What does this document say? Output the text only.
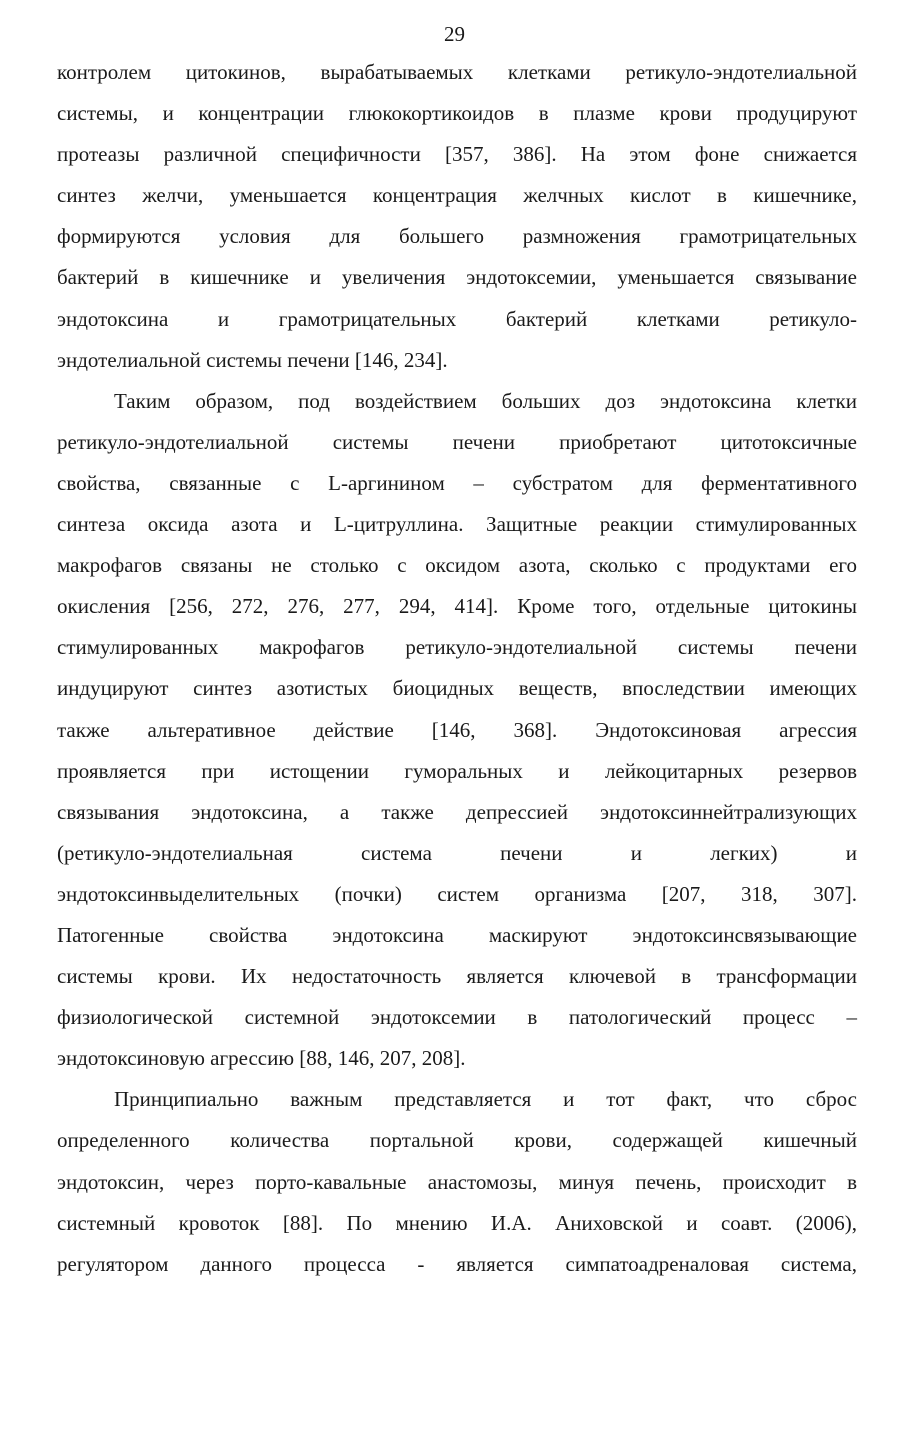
29
контролем цитокинов, вырабатываемых клетками ретикуло-эндотелиальной
системы, и концентрации глюкокортикоидов в плазме крови продуцируют
протеазы различной специфичности [357, 386]. На этом фоне снижается
синтез желчи, уменьшается концентрация желчных кислот в кишечнике,
формируются условия для большего размножения грамотрицательных
бактерий в кишечнике и увеличения эндотоксемии, уменьшается связывание
эндотоксина и грамотрицательных бактерий клетками ретикуло-
эндотелиальной системы печени [146, 234].
Таким образом, под воздействием больших доз эндотоксина клетки
ретикуло-эндотелиальной системы печени приобретают цитотоксичные
свойства, связанные с L-аргинином – субстратом для ферментативного
синтеза оксида азота и L-цитруллина. Защитные реакции стимулированных
макрофагов связаны не столько с оксидом азота, сколько с продуктами его
окисления [256, 272, 276, 277, 294, 414]. Кроме того, отдельные цитокины
стимулированных макрофагов ретикуло-эндотелиальной системы печени
индуцируют синтез азотистых биоцидных веществ, впоследствии имеющих
также альтеративное действие [146, 368]. Эндотоксиновая агрессия
проявляется при истощении гуморальных и лейкоцитарных резервов
связывания эндотоксина, а также депрессией эндотоксиннейтрализующих
(ретикуло-эндотелиальная система печени и легких) и
эндотоксинвыделительных (почки) систем организма [207, 318, 307].
Патогенные свойства эндотоксина маскируют эндотоксинсвязывающие
системы крови. Их недостаточность является ключевой в трансформации
физиологической системной эндотоксемии в патологический процесс –
эндотоксиновую агрессию [88, 146, 207, 208].
Принципиально важным представляется и тот факт, что сброс
определенного количества портальной крови, содержащей кишечный
эндотоксин, через порто-кавальные анастомозы, минуя печень, происходит в
системный кровоток [88]. По мнению И.А. Аниховской и соавт. (2006),
регулятором данного процесса - является симпатоадреналовая система,
